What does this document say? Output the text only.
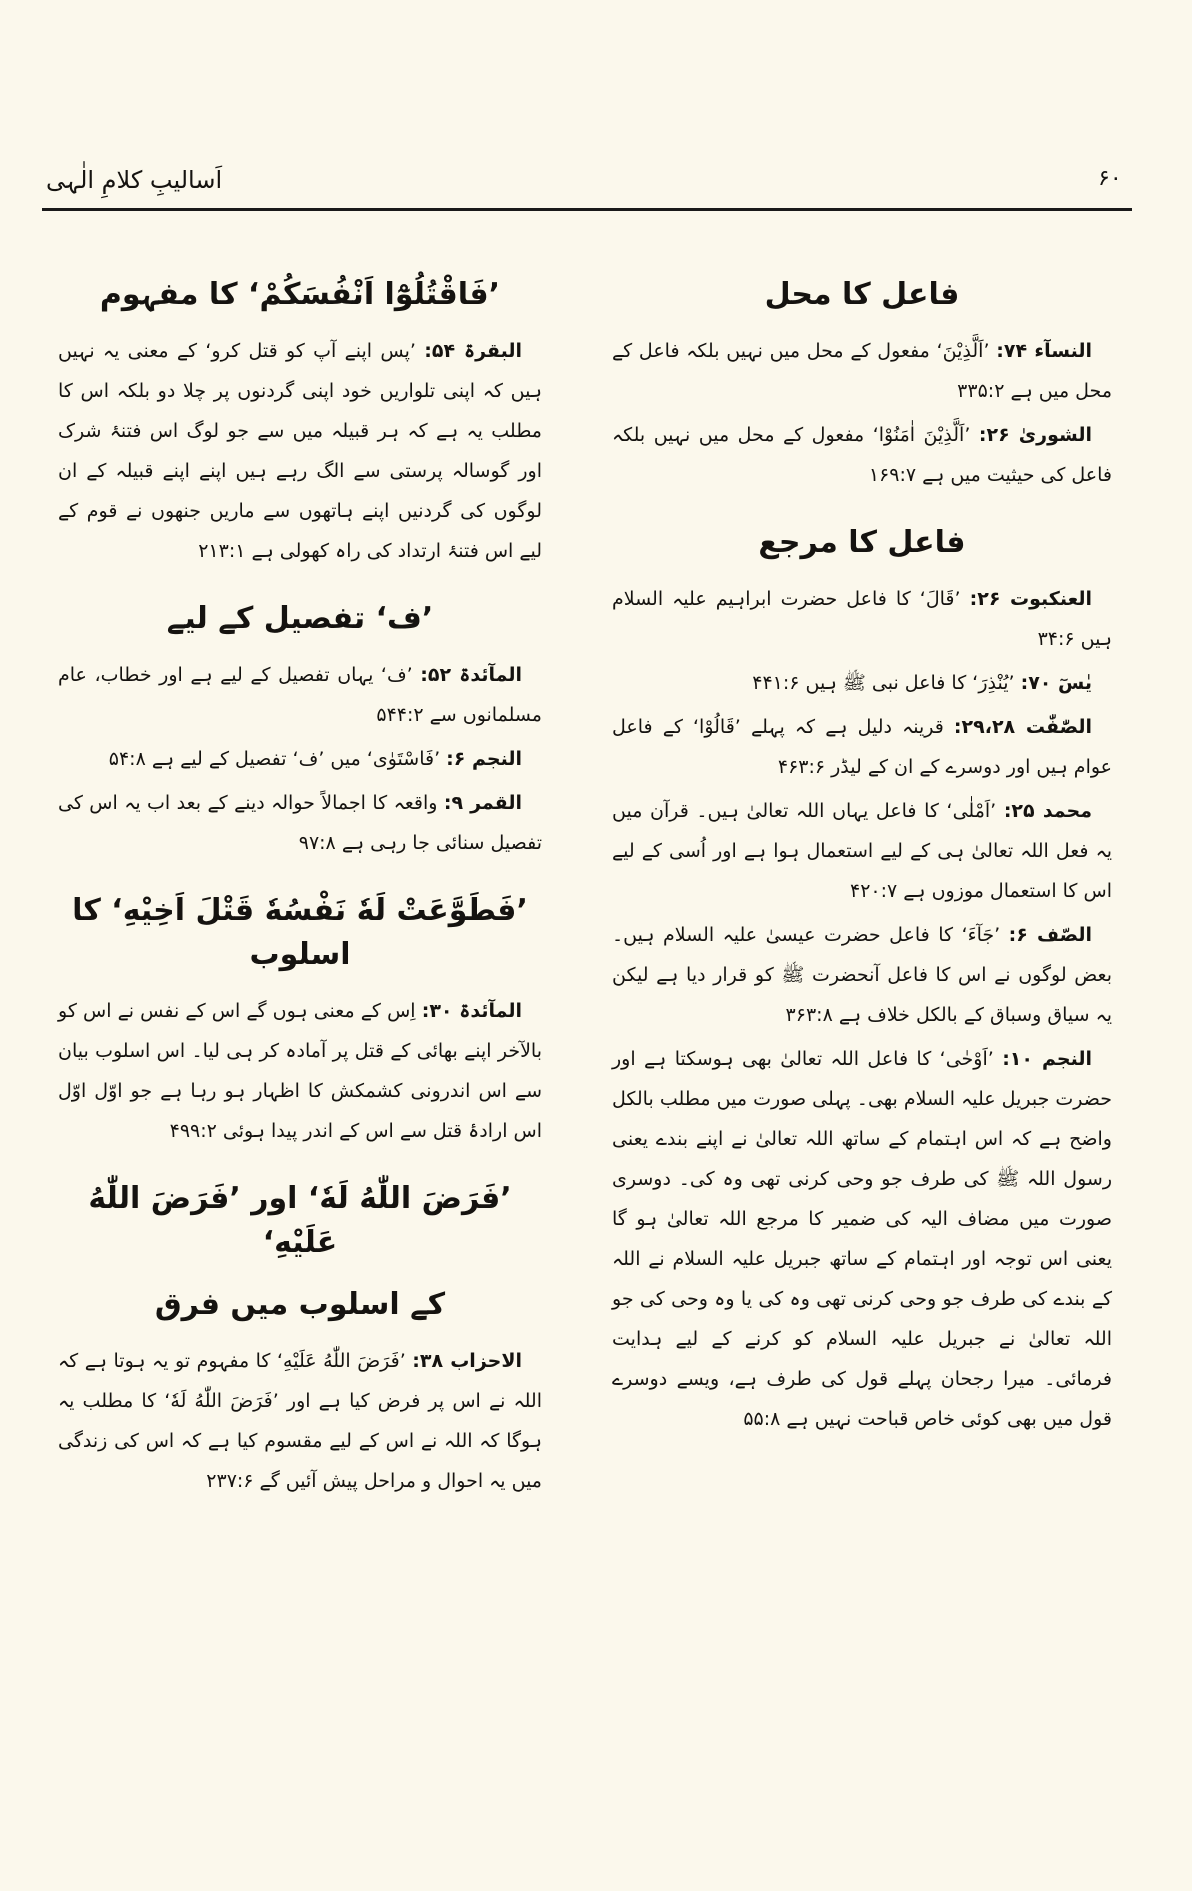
اَسالیبِ کلامِ الٰہی	۶۰
فاعل کا محل
النسآء ۷۴: ’اَلَّذِیْنَ‘ مفعول کے محل میں نہیں بلکہ فاعل کے محل میں ہے ۳۳۵:۲
الشوریٰ ۲۶: ’اَلَّذِیْنَ اٰمَنُوْا‘ مفعول کے محل میں نہیں بلکہ فاعل کی حیثیت میں ہے ۱۶۹:۷
فاعل کا مرجع
العنکبوت ۲۶: ’قَالَ‘ کا فاعل حضرت ابراہیم علیہ السلام ہیں ۳۴:۶
یٰسٓ ۷۰: ’یُنْذِرَ‘ کا فاعل نبی ﷺ ہیں ۴۴۱:۶
الصّٰفّٰت ۲۹،۲۸: قرینہ دلیل ہے کہ پہلے ’قَالُوْا‘ کے فاعل عوام ہیں اور دوسرے کے ان کے لیڈر ۴۶۳:۶
محمد ۲۵: ’اَمْلٰی‘ کا فاعل یہاں اللہ تعالیٰ ہیں۔ قرآن میں یہ فعل اللہ تعالیٰ ہی کے لیے استعمال ہوا ہے اور اُسی کے لیے اس کا استعمال موزوں ہے ۴۲۰:۷
الصّف ۶: ’جَآءَ‘ کا فاعل حضرت عیسیٰ علیہ السلام ہیں۔ بعض لوگوں نے اس کا فاعل آنحضرت ﷺ کو قرار دیا ہے لیکن یہ سیاق وسباق کے بالکل خلاف ہے ۳۶۳:۸
النجم ۱۰: ’اَوْحٰی‘ کا فاعل اللہ تعالیٰ بھی ہوسکتا ہے اور حضرت جبریل علیہ السلام بھی۔ پہلی صورت میں مطلب بالکل واضح ہے کہ اس اہتمام کے ساتھ اللہ تعالیٰ نے اپنے بندے یعنی رسول اللہ ﷺ کی طرف جو وحی کرنی تھی وہ کی۔ دوسری صورت میں مضاف الیہ کی ضمیر کا مرجع اللہ تعالیٰ ہو گا یعنی اس توجہ اور اہتمام کے ساتھ جبریل علیہ السلام نے اللہ کے بندے کی طرف جو وحی کرنی تھی وہ کی یا وہ وحی کی جو اللہ تعالیٰ نے جبریل علیہ السلام کو کرنے کے لیے ہدایت فرمائی۔ میرا رجحان پہلے قول کی طرف ہے، ویسے دوسرے قول میں بھی کوئی خاص قباحت نہیں ہے ۵۵:۸
’فَاقْتُلُوْٓا اَنْفُسَکُمْ‘ کا مفہوم
البقرۃ ۵۴: ’پس اپنے آپ کو قتل کرو‘ کے معنی یہ نہیں ہیں کہ اپنی تلواریں خود اپنی گردنوں پر چلا دو بلکہ اس کا مطلب یہ ہے کہ ہر قبیلہ میں سے جو لوگ اس فتنۂ شرک اور گوسالہ پرستی سے الگ رہے ہیں اپنے اپنے قبیلہ کے ان لوگوں کی گردنیں اپنے ہاتھوں سے ماریں جنھوں نے قوم کے لیے اس فتنۂ ارتداد کی راہ کھولی ہے ۲۱۳:۱
’ف‘ تفصیل کے لیے
المآئدۃ ۵۲: ’ف‘ یہاں تفصیل کے لیے ہے اور خطاب، عام مسلمانوں سے ۵۴۴:۲
النجم ۶: ’فَاسْتَوٰی‘ میں ’ف‘ تفصیل کے لیے ہے ۵۴:۸
القمر ۹: واقعہ کا اجمالاً حوالہ دینے کے بعد اب یہ اس کی تفصیل سنائی جا رہی ہے ۹۷:۸
’فَطَوَّعَتْ لَهٗ نَفْسُهٗ قَتْلَ اَخِيْهِ‘ کا اسلوب
المآئدۃ ۳۰: اِس کے معنی ہوں گے اس کے نفس نے اس کو بالآخر اپنے بھائی کے قتل پر آمادہ کر ہی لیا۔ اس اسلوب بیان سے اس اندرونی کشمکش کا اظہار ہو رہا ہے جو اوّل اوّل اس ارادۂ قتل سے اس کے اندر پیدا ہوئی ۴۹۹:۲
’فَرَضَ اللّٰهُ لَهٗ‘ اور ’فَرَضَ اللّٰهُ عَلَيْهِ‘
کے اسلوب میں فرق
الاحزاب ۳۸: ’فَرَضَ اللّٰهُ عَلَيْهِ‘ کا مفہوم تو یہ ہوتا ہے کہ اللہ نے اس پر فرض کیا ہے اور ’فَرَضَ اللّٰهُ لَهٗ‘ کا مطلب یہ ہوگا کہ اللہ نے اس کے لیے مقسوم کیا ہے کہ اس کی زندگی میں یہ احوال و مراحل پیش آئیں گے ۲۳۷:۶
